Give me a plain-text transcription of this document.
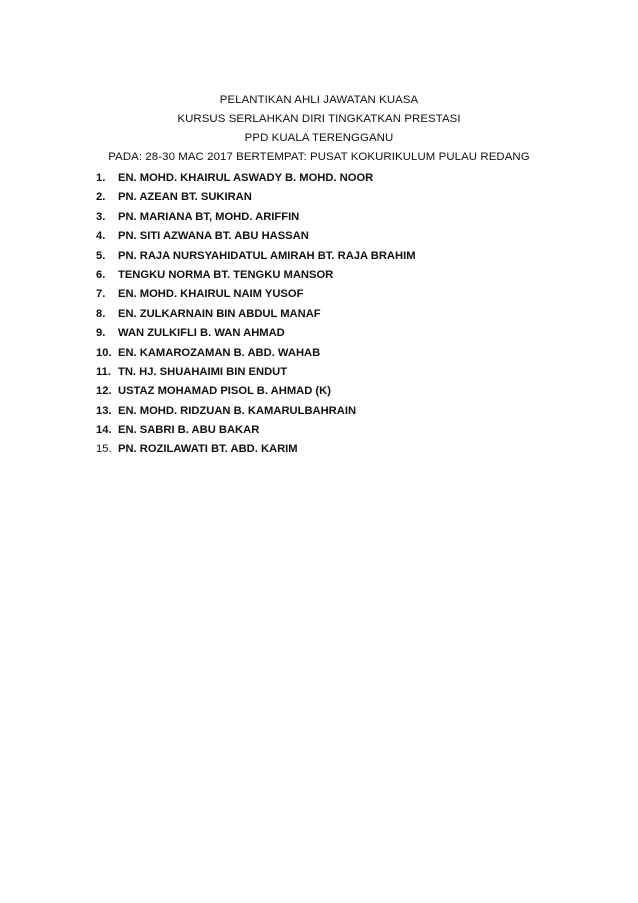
PELANTIKAN AHLI JAWATAN KUASA
KURSUS SERLAHKAN DIRI TINGKATKAN PRESTASI
PPD KUALA TERENGGANU
PADA: 28-30 MAC 2017 BERTEMPAT: PUSAT KOKURIKULUM PULAU REDANG
1.	EN. MOHD. KHAIRUL ASWADY B. MOHD. NOOR
2.	PN. AZEAN BT. SUKIRAN
3.	PN. MARIANA BT, MOHD. ARIFFIN
4.	PN. SITI AZWANA BT. ABU HASSAN
5.	PN. RAJA NURSYAHIDATUL AMIRAH BT. RAJA BRAHIM
6.	TENGKU NORMA BT. TENGKU MANSOR
7.	EN. MOHD. KHAIRUL NAIM YUSOF
8.	EN. ZULKARNAIN BIN ABDUL MANAF
9.	WAN ZULKIFLI B. WAN AHMAD
10. EN. KAMAROZAMAN B. ABD. WAHAB
11. TN. HJ. SHUAHAIMI BIN ENDUT
12. USTAZ MOHAMAD PISOL B. AHMAD (K)
13. EN. MOHD. RIDZUAN B. KAMARULBAHRAIN
14. EN. SABRI B. ABU BAKAR
15. PN. ROZILAWATI BT. ABD. KARIM
